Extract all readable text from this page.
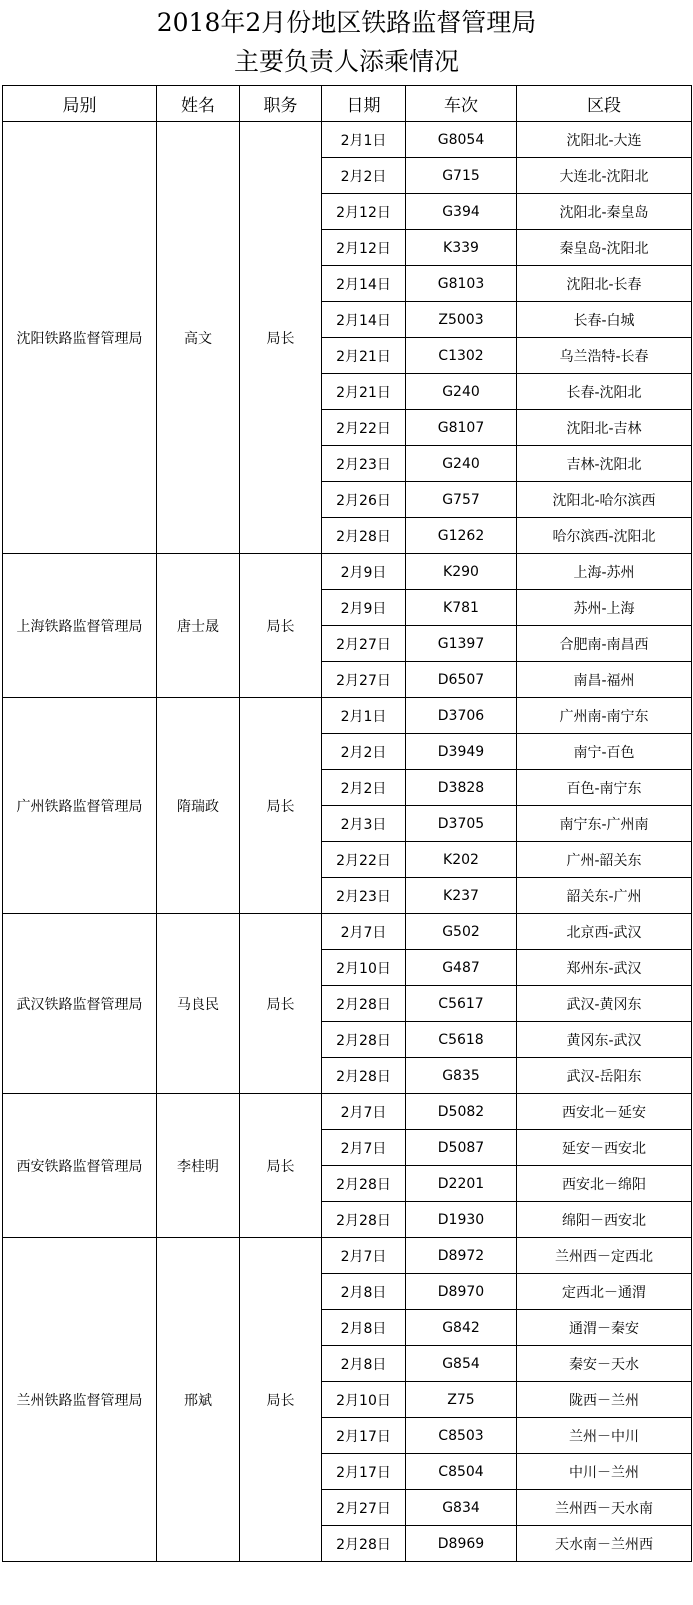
2018年2月份地区铁路监督管理局
主要负责人添乘情况
局别	姓名	职务	日期	车次	区段
沈阳铁路监督管理局	高文	局长	2月1日	G8054	沈阳北-大连
			2月2日	G715	大连北-沈阳北
			2月12日	G394	沈阳北-秦皇岛
			2月12日	K339	秦皇岛-沈阳北
			2月14日	G8103	沈阳北-长春
			2月14日	Z5003	长春-白城
			2月21日	C1302	乌兰浩特-长春
			2月21日	G240	长春-沈阳北
			2月22日	G8107	沈阳北-吉林
			2月23日	G240	吉林-沈阳北
			2月26日	G757	沈阳北-哈尔滨西
			2月28日	G1262	哈尔滨西-沈阳北
上海铁路监督管理局	唐士晟	局长	2月9日	K290	上海-苏州
			2月9日	K781	苏州-上海
			2月27日	G1397	合肥南-南昌西
			2月27日	D6507	南昌-福州
广州铁路监督管理局	隋瑞政	局长	2月1日	D3706	广州南-南宁东
			2月2日	D3949	南宁-百色
			2月2日	D3828	百色-南宁东
			2月3日	D3705	南宁东-广州南
			2月22日	K202	广州-韶关东
			2月23日	K237	韶关东-广州
武汉铁路监督管理局	马良民	局长	2月7日	G502	北京西-武汉
			2月10日	G487	郑州东-武汉
			2月28日	C5617	武汉-黄冈东
			2月28日	C5618	黄冈东-武汉
			2月28日	G835	武汉-岳阳东
西安铁路监督管理局	李桂明	局长	2月7日	D5082	西安北－延安
			2月7日	D5087	延安－西安北
			2月28日	D2201	西安北－绵阳
			2月28日	D1930	绵阳－西安北
兰州铁路监督管理局	邢斌	局长	2月7日	D8972	兰州西－定西北
			2月8日	D8970	定西北－通渭
			2月8日	G842	通渭－秦安
			2月8日	G854	秦安－天水
			2月10日	Z75	陇西－兰州
			2月17日	C8503	兰州－中川
			2月17日	C8504	中川－兰州
			2月27日	G834	兰州西－天水南
			2月28日	D8969	天水南－兰州西
